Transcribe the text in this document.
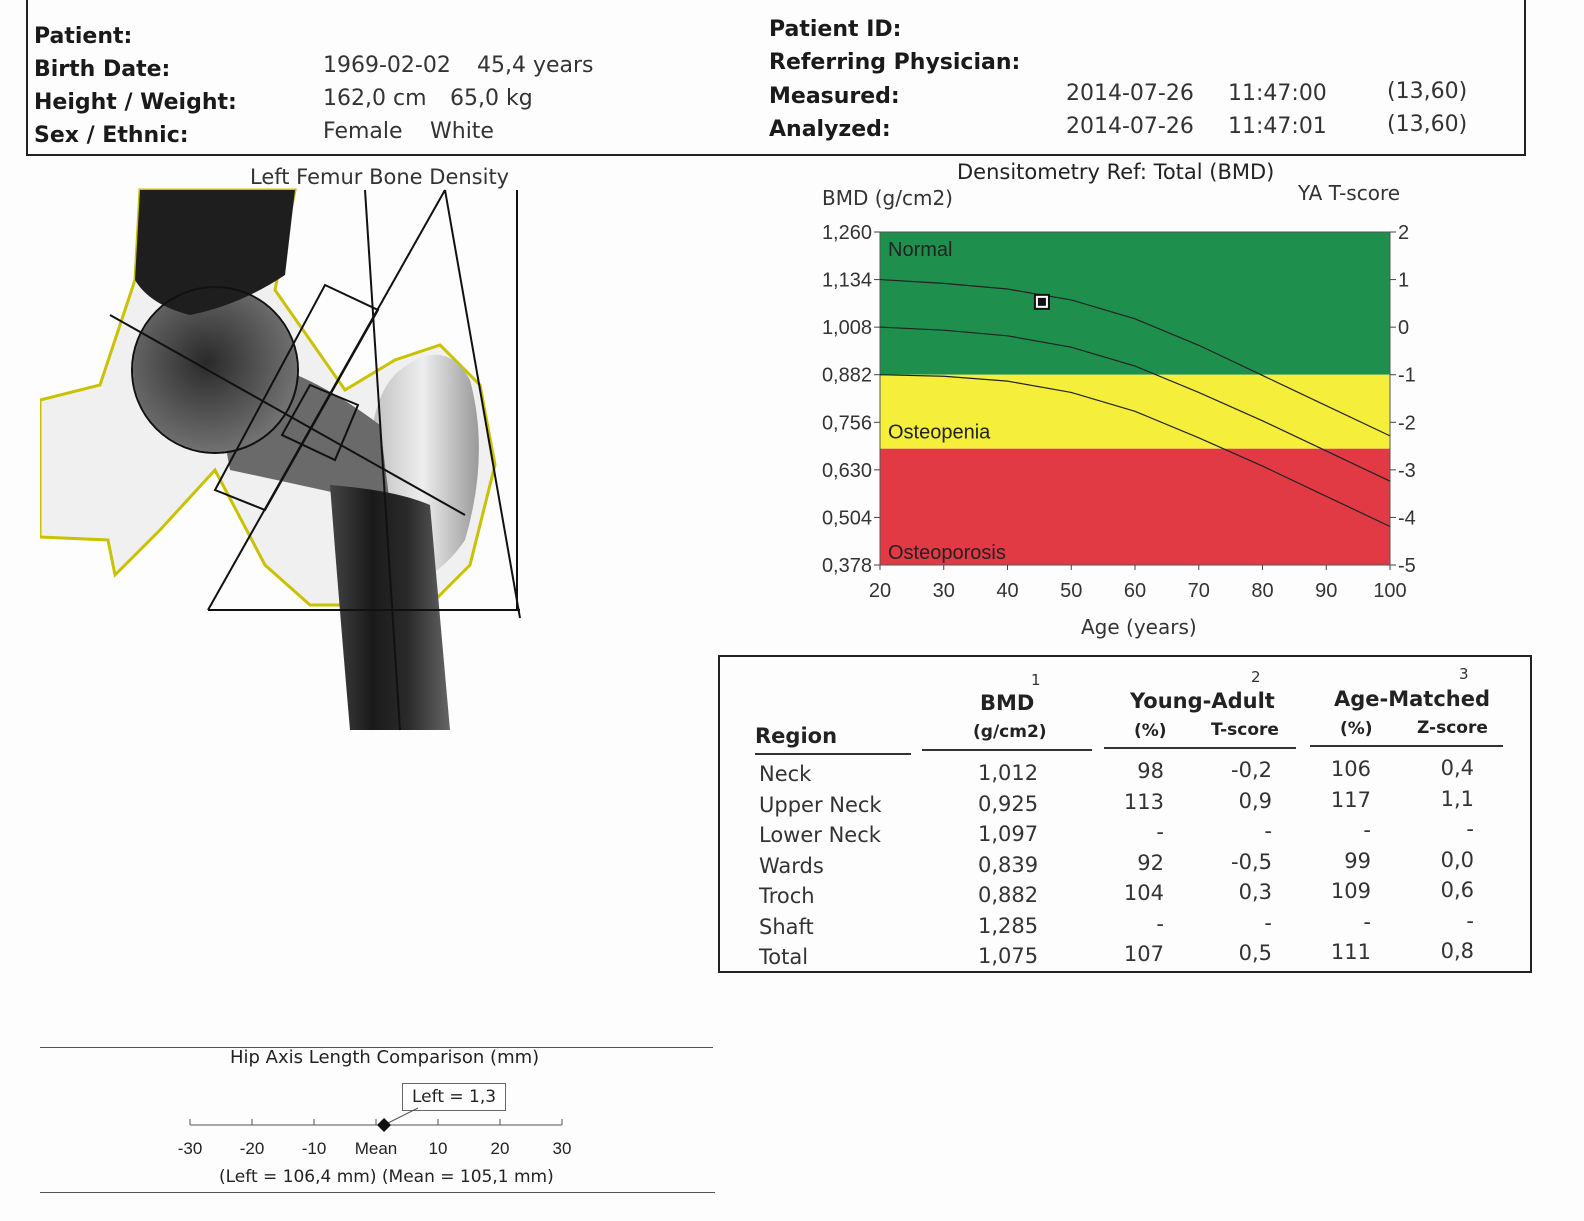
Patient:
Birth Date:	1969-02-02 45,4 years
Height / Weight:	162,0 cm 65,0 kg
Sex / Ethnic:	Female White
Patient ID:
Referring Physician:
Measured:	2014-07-26 11:47:00	(13,60)
Analyzed:	2014-07-26 11:47:01	(13,60)
Left Femur Bone Density	Densitometry Ref: Total (BMD)
BMD (g/cm2)	YA T-score
Age (years)
Normal
Osteopenia
Osteoporosis
1,260
1,134
1,008
0,882
0,756
0,630
0,504
0,378
2
1
0
-1
-2
-3
-4
-5
20 30 40 50 60 70 80 90 100
1	2	3
BMD
(g/cm2)
Young-Adult
(%)	T-score
Age-Matched
(%)	Z-score
Region
Neck	1,012	98	-0,2	106	0,4
Upper Neck	0,925	113	0,9	117	1,1
Lower Neck	1,097	-	-	-	-
Wards	0,839	92	-0,5	99	0,0
Troch	0,882	104	0,3	109	0,6
Shaft	1,285	-	-	-	-
Total	1,075	107	0,5	111	0,8
Hip Axis Length Comparison (mm)
Left = 1,3
-30 -20 -10 Mean 10	20	30
(Left = 106,4 mm) (Mean = 105,1 mm)
